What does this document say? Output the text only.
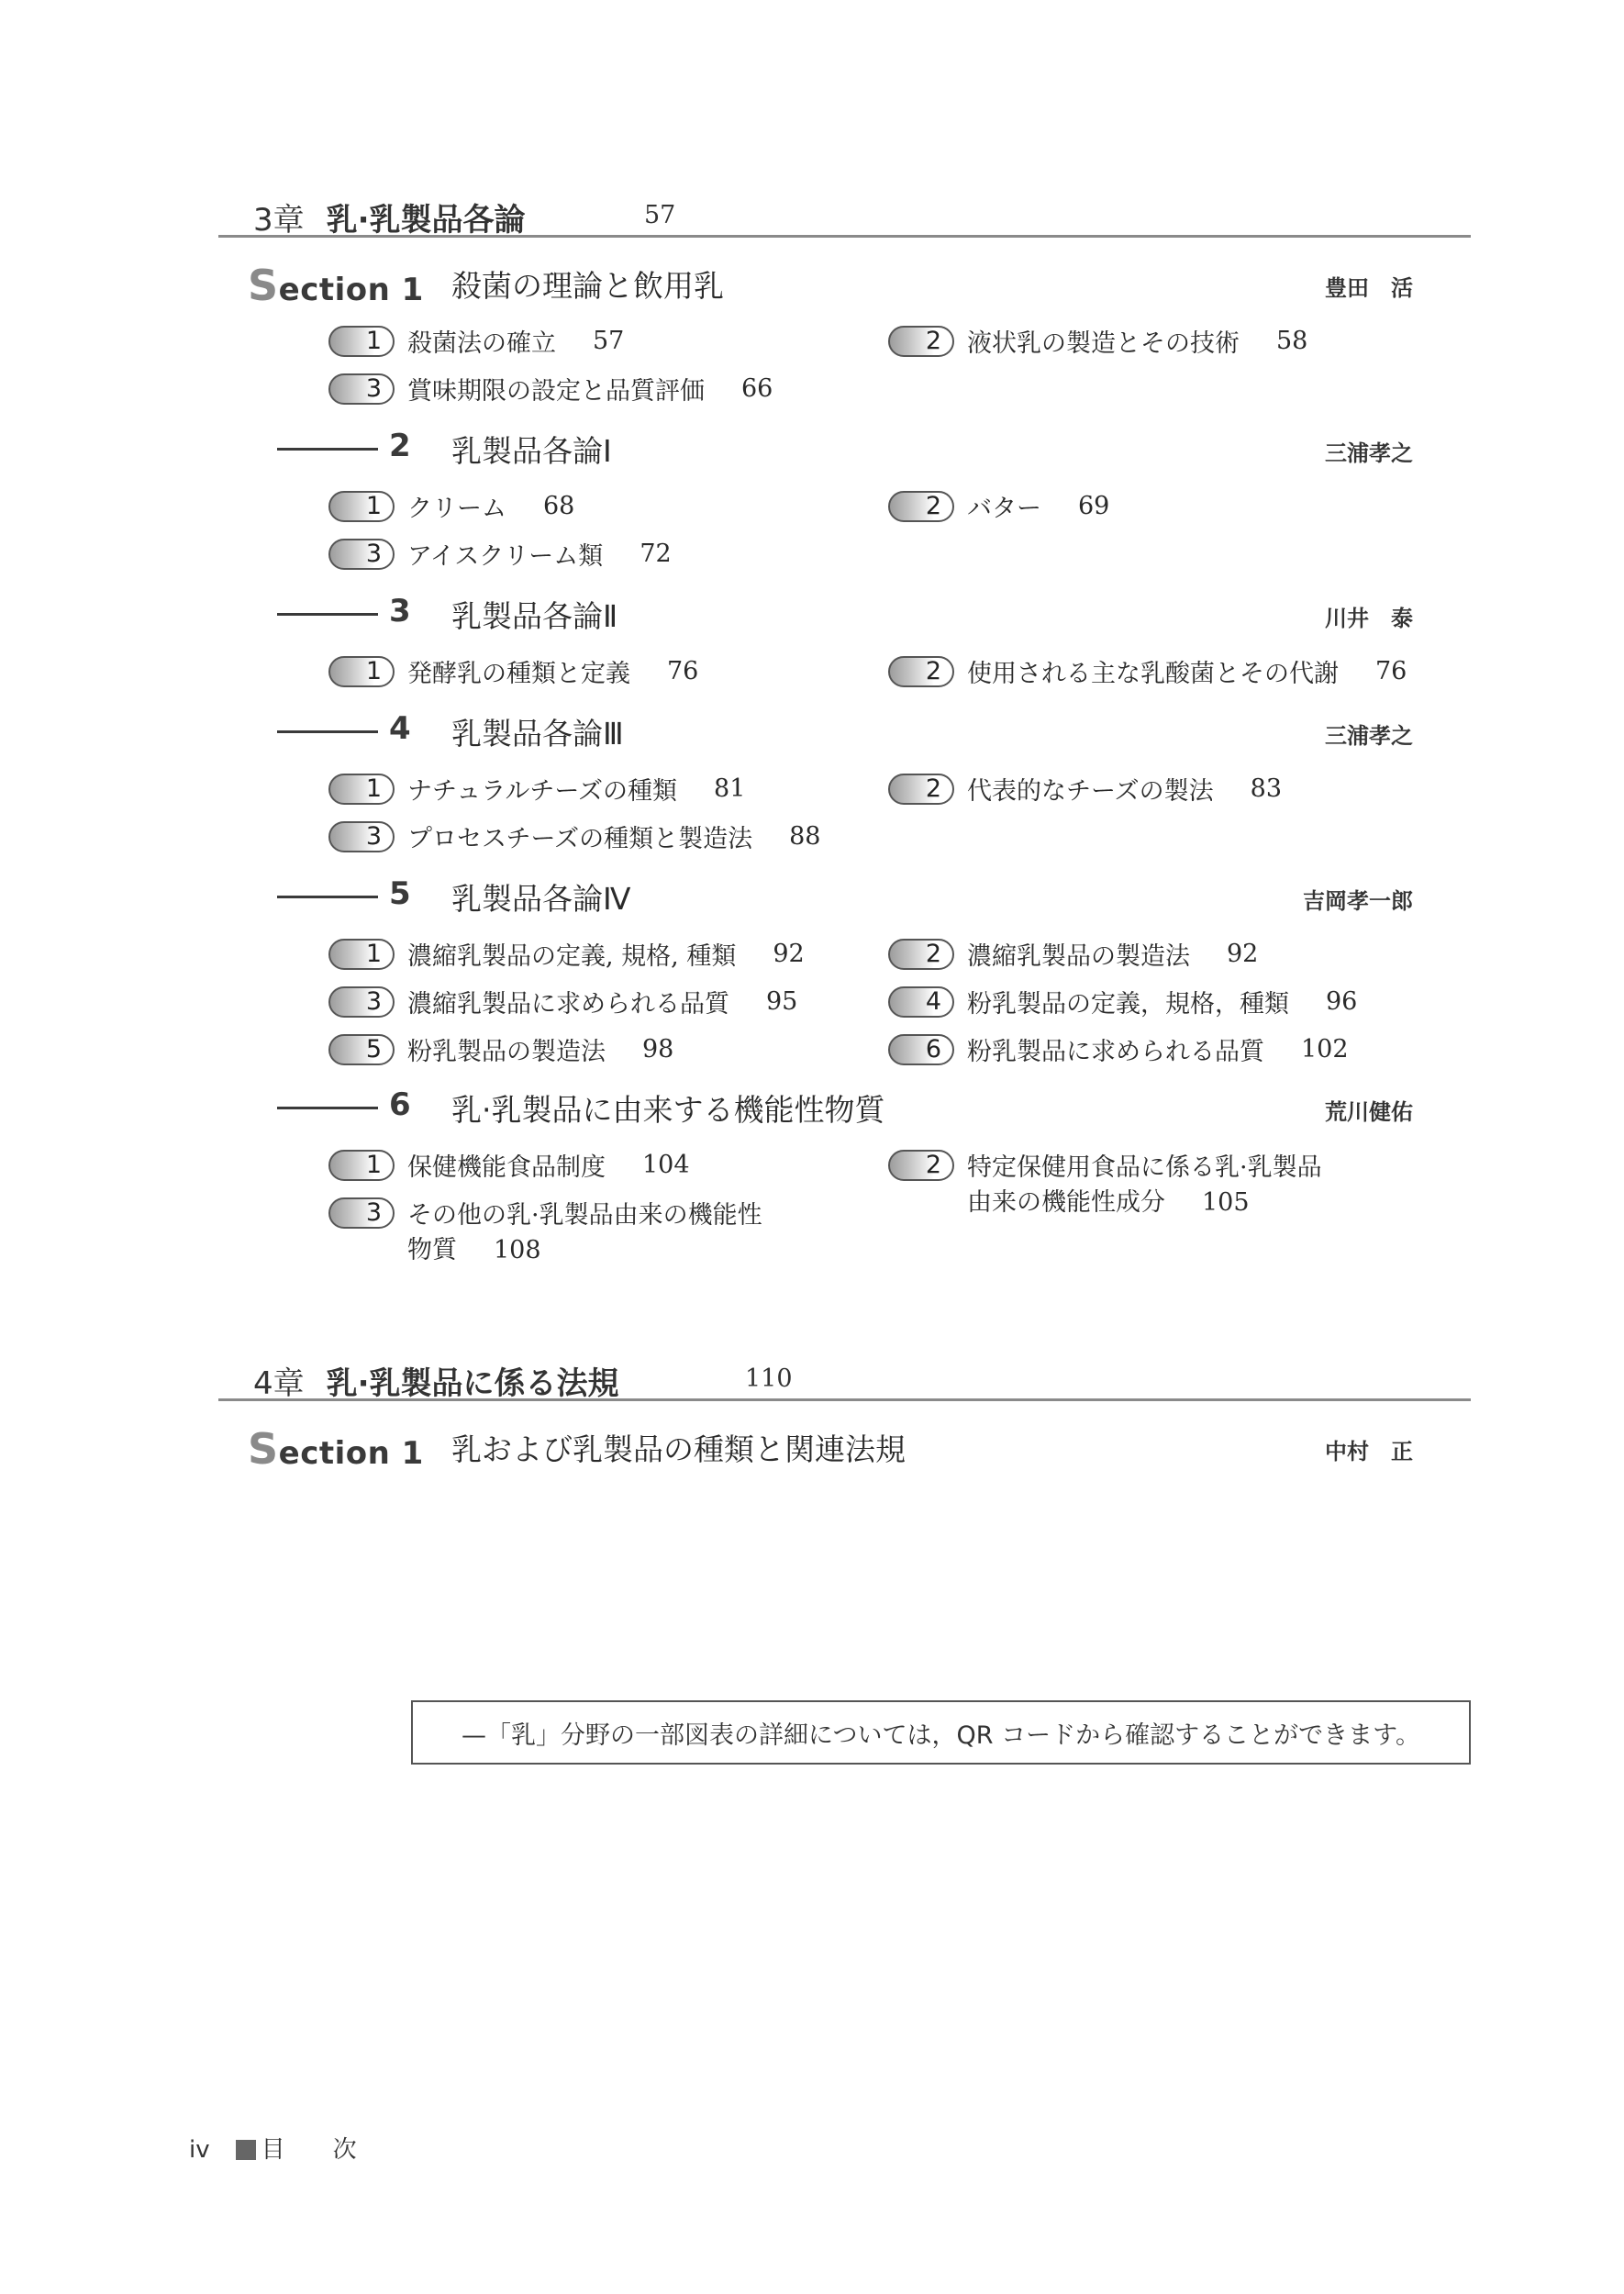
3章 乳·乳製品各論	57
Section 1 殺菌の理論と飲用乳	豊田　活
1	殺菌法の確立 57	2	液状乳の製造とその技術 58
3	賞味期限の設定と品質評価 66
2 乳製品各論Ⅰ	三浦孝之
1	クリーム 68	2	バター 69
3	アイスクリーム類 72
3 乳製品各論Ⅱ	川井　泰
1	発酵乳の種類と定義 76	2	使用される主な乳酸菌とその代謝 76
4 乳製品各論Ⅲ	三浦孝之
1	ナチュラルチーズの種類 81	2	代表的なチーズの製法 83
3	プロセスチーズの種類と製造法 88
5 乳製品各論Ⅳ	吉岡孝一郎
1	濃縮乳製品の定義, 規格, 種類 92	2	濃縮乳製品の製造法 92
3	濃縮乳製品に求められる品質 95	4	粉乳製品の定義，規格，種類 96
5	粉乳製品の製造法 98	6	粉乳製品に求められる品質 102
6 乳·乳製品に由来する機能性物質	荒川健佑
1	保健機能食品制度 104	2	特定保健用食品に係る乳·乳製品
由来の機能性成分 105
3	その他の乳·乳製品由来の機能性
物質 108
4章 乳·乳製品に係る法規	110
Section 1 乳および乳製品の種類と関連法規	中村　正
—「乳」分野の一部図表の詳細については，QR コードから確認することができます。
iv 目　　次
